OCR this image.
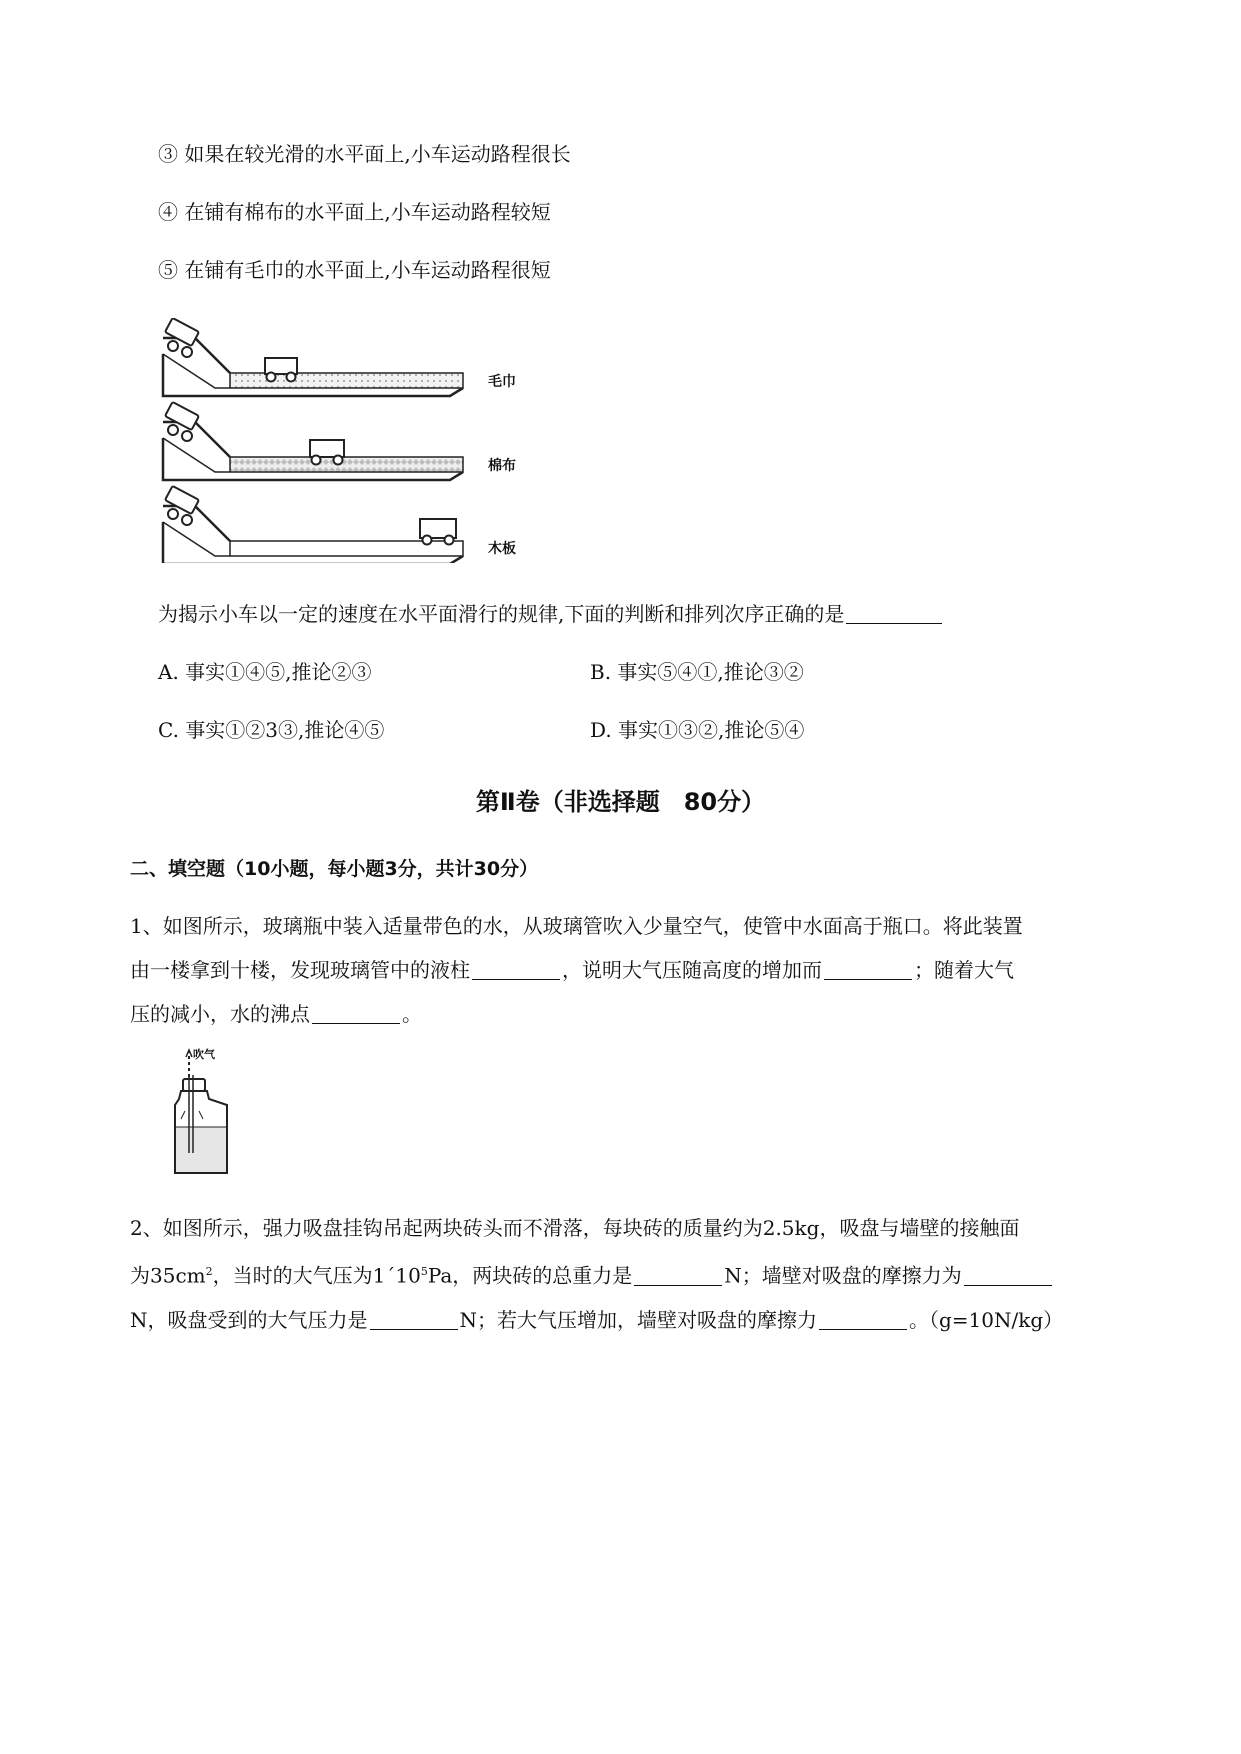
③ 如果在较光滑的水平面上,小车运动路程很长
④ 在铺有棉布的水平面上,小车运动路程较短
⑤ 在铺有毛巾的水平面上,小车运动路程很短
毛巾
棉布
木板
为揭示小车以一定的速度在水平面滑行的规律,下面的判断和排列次序正确的是
A. 事实①④⑤,推论②③	B. 事实⑤④①,推论③②
C. 事实①②3③,推论④⑤	D. 事实①③②,推论⑤④
第Ⅱ卷（非选择题　80分）
二、填空题（10小题，每小题3分，共计30分）
1、如图所示，玻璃瓶中装入适量带色的水，从玻璃管吹入少量空气，使管中水面高于瓶口。将此装置
由一楼拿到十楼，发现玻璃管中的液柱	，说明大气压随高度的增加而	；随着大气
压的减小，水的沸点	。
吹气
2、如图所示，强力吸盘挂钩吊起两块砖头而不滑落，每块砖的质量约为2.5kg，吸盘与墙壁的接触面
为$35cm^2$，当时的大气压为$1´10^5Pa$，两块砖的总重力是	N；墙壁对吸盘的摩擦力为
N，吸盘受到的大气压力是	N；若大气压增加，墙壁对吸盘的摩擦力	。（g=10N/kg）
